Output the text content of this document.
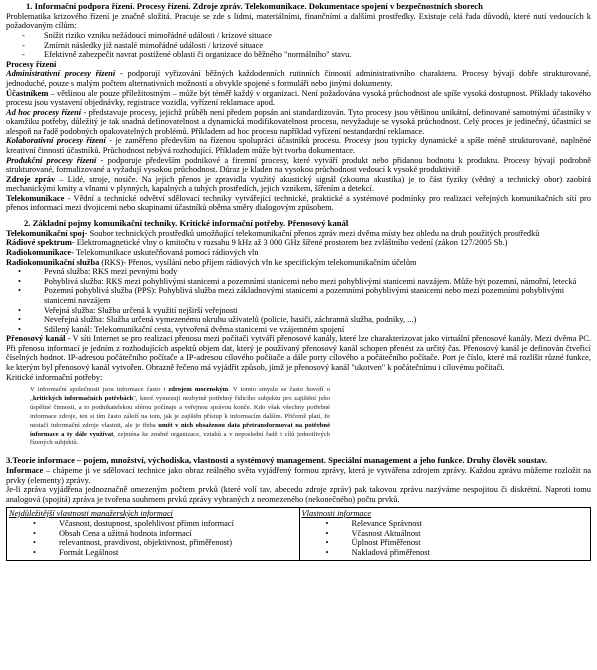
1. Informační podpora řízení. Procesy řízení. Zdroje zpráv. Telekomunikace. Dokumentace spojení v bezpečnostních sborech

Problematika krizového řízení je značně složitá. Pracuje se zde s lidmi, materiálními, finančními a dalšími prostředky. Existuje celá řada důvodů, které nutí vedoucích k požadovaným cílům:

- Snížit riziko vzniku nežádoucí mimořádné události / krizové situace
- Zmírnit následky již nastalé mimořádné události / krizové situace
- Efektivně zabezpečit navrat postižené oblasti či organizace do běžného "normálního" stavu.

Procesy řízení

Administrativní procesy řízení - podporují vyřizování běžných každodenních rutinních činností administrativního charakteru. Procesy bývají dobře strukturované, jednoduché, pouze s malým počtem alternativních možností a obvykle spojené s formuláři nebo jinými dokumenty.

Účastníkem – většinou ale pouze příležitostným – může být téměř každý v organizaci. Není požadována vysoká průchodnost ale spíše vysoká dostupnost. Příklady takového procesu jsou vystavení objednávky, registrace vozidla, vyřízení reklamace apod.

Ad hoc procesy řízení - představuje procesy, jejichž průběh není předem popsán ani standardizován. Tyto procesy jsou většinou unikátní, definované samotnými účastníky v okamžiku potřeby, důležitý je tak snadná definovatelnost a dynamická modifikovatelnost procesu, nevyžaduje se vysoká průchodnost. Celý proces je jedinečný, účastníci se alespoň na řadě podobných opakovatelných problémů. Příkladem ad hoc procesu například vyřízení nestandardní reklamace.

Kolaborativní procesy řízení - je zaměřeno především na řízenou spolupráci účastníků procesu. Procesy jsou typicky dynamické a spíše méně strukturované, naplněné kreativní činností účastníků. Průchodnost nebývá rozhodující. Příkladem může být tvorba dokumentace.

Produkční procesy řízení - podporuje především podnikové a firemní procesy, které vytváří produkt nebo přidanou hodnotu k produktu. Procesy bývají podrobně strukturované, formalizované a vyžadují vysokou průchodnost. Důraz je kladen na vysokou průchodnost vedoucí k vysoké produktivitě

Zdroje zpráv – Lidé, stroje, nosiče. Na jejich přenos je zpravidla využitý akustický signál (zkouma akustika) je to část fyziky (vědný a technický obor) zaobírá mechanickými kmity a vlnami v plynných, kapalných a tuhých prostředích, jejich vznikem, šířením a detekcí.

Telekomunikace - Vědní a technické odvětví sdělovací techniky vytvářející technické, praktické a systémové podmínky pro realizaci veřejných komunikačních sítí pro přenos informací mezi dvojicemi nebo skupinami účastníků oběma směry dialogovým způsobem.

2. Základní pojmy komunikační techniky. Kritické informační potřeby. Přenosový kanál

Telekomunikační spoj- Soubor technických prostředků umožňující telekomunikační přenos zpráv mezi dvěma místy bez ohledu na druh použitých prostředků

Rádiové spektrum- Elektromagnetické vlny o kmitočtu v rozsahu 9 kHz až 3 000 GHz šířené prostorem bez zvláštního vedení (zákon 127/2005 Sb.)

Radiokomunikace- Telekomunikace uskutečňovaná pomocí rádiových vln

Radiokomunikační služba (RKS)- Přenos, vysílání nebo příjem rádiových vln ke specifickým telekomunikačním účelům

• Pevná služba: RKS mezi pevnými body
• Pohyblivá služba: RKS mezi pohyblivými stanicemi a pozemními stanicemi nebo mezi pohyblivými stanicemi navzájem. Může být pozemní, námořní, letecká
• Pozemní pohyblivá služba (PPS): Pohyblivá služba mezi základnovými stanicemi a pozemními pohyblivými stanicemi nebo mezi pozemními pohyblivými stanicemi navzájem
• Veřejná služba: Služba určená k využití nejširší veřejnosti
• Neveřejná služba: Služba určená vymezenému okruhu uživatelů (policie, hasiči, záchranná služba, podniky, ...)
• Sdílený kanál: Telekomunikační cesta, vytvořená dvěma stanicemi ve vzájemném spojení

Přenosový kanál - V síti Internet se pro realizaci přenosu mezi počítači vytváří přenosové kanály, které lze charakterizovat jako virtuální přenosové kanály. Mezi dvěma PC. Při přenosu informací je jedním z rozhodujících aspektů objem dat, který je používaný přenosový kanál schopen přenést za určitý čas. Přenosový kanál je definován čtveřicí číselných hodnot. IP-adresou počátečního počítače a IP-adresou cílového počítače a dále porty cílového a počátečního počítače. Port je číslo, které má rozlišit různé funkce, ke kterým byl přenosový kanál vytvořen. Obrazně řečeno má vyjádřit způsob, jímž je přenosový kanál "ukotven" k počátečnímu i cílovému počítači.

Kritické informační potřeby:

V informační společnosti jsou informace často i zdrojem mocenským. V tomto smyslu se často hovoří o „kritických informačních potřebách", které vymezují nezbytně potřebný řídicího subjektu pro zajištění jeho úspěšné činnosti, a to podnikatelskou sférou počínaje a veřejnou správou konče. Kdo však všechny potřebné informace zdroje, ten si tím často záleží na tom, jak je zajištěn přístup k informacím dalším. Přičemž platí, že nestačí informační zdroje vlastnit, ale je třeba umět v nich obsaženou data přetransformovat na potřebné informace a ty dále využívat, zejména ke změně organizace, vztahů a v neposlední řadě i cílů jednotlivých řízených subjektů.
3.Teorie informace – pojem, množství, východiska, vlastnosti a systémový management. Speciální management a jeho funkce. Druhy člověk soustav.

Informace – chápeme ji ve sdělovací technice jako obraz reálného světa vyjádřený formou zprávy, která je vytvářena zdrojem zprávy. Každou zprávu můžeme rozložit na prvky (elementy) zprávy.

Je-li zpráva vyjádřena jednoznačně omezeným počtem prvků (které volí tav. abecedu zdroje zpráv) pak takovou zprávu nazýváme nespojitou či diskrétní. Naproti tomu analogová (spojitá) zpráva je tvořena souhrnem prvků zprávy vybraných z neomezeného (nekonečného) počtu prvků.

Nejdůležitější vlastnosti manažerských informací
• Včasnost, dostupnost, spolehlivost přímm informací
• Obsah Cena a užitná hodnota informací
• relevantnost, pravdivost, objektivnost, přiměřenost)
• Formát Legálnost
Vlastnosti informace
• Relevance Správnost
• Včasnost Aktuálnost
• Úplnost Přiměřenost
• Nakladová přiměřenost
